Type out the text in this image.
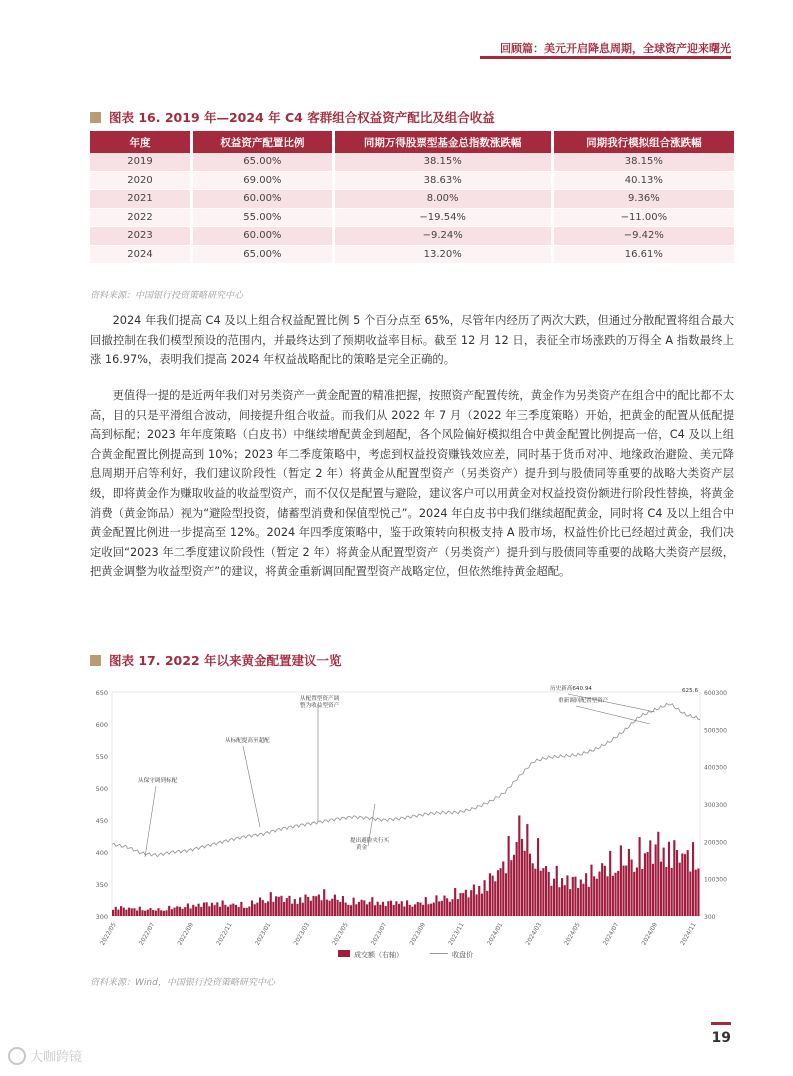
回顾篇：美元开启降息周期，全球资产迎来曙光
图表 16. 2019 年—2024 年 C4 客群组合权益资产配比及组合收益
年度	权益资产配置比例	同期万得股票型基金总指数涨跌幅	同期我行模拟组合涨跌幅
2019	65.00%	38.15%	38.15%
2020	69.00%	38.63%	40.13%
2021	60.00%	8.00%	9.36%
2022	55.00%	−19.54%	−11.00%
2023	60.00%	−9.24%	−9.42%
2024	65.00%	13.20%	16.61%
资料来源：中国银行投资策略研究中心

2024 年我们提高 C4 及以上组合权益配置比例 5 个百分点至 65%，尽管年内经历了两次大跌，但通过分散配置将组合最大回撤控制在我们模型预设的范围内，并最终达到了预期收益率目标。截至 12 月 12 日，表征全市场涨跌的万得全 A 指数最终上涨 16.97%，表明我们提高 2024 年权益战略配比的策略是完全正确的。

更值得一提的是近两年我们对另类资产一黄金配置的精准把握，按照资产配置传统，黄金作为另类资产在组合中的配比都不太高，目的只是平滑组合波动，间接提升组合收益。而我们从 2022 年 7 月（2022 年三季度策略）开始，把黄金的配置从低配提高到标配；2023 年年度策略（白皮书）中继续增配黄金到超配，各个风险偏好模拟组合中黄金配置比例提高一倍，C4 及以上组合黄金配置比例提高到 10%；2023 年二季度策略中，考虑到权益投资赚钱效应差，同时基于货币对冲、地缘政治避险、美元降息周期开启等利好，我们建议阶段性（暂定 2 年）将黄金从配置型资产（另类资产）提升到与股债同等重要的战略大类资产层级，即将黄金作为赚取收益的收益型资产，而不仅仅是配置与避险，建议客户可以用黄金对权益投资份额进行阶段性替换，将黄金消费（黄金饰品）视为“避险型投资，储蓄型消费和保值型悦己”。2024 年白皮书中我们继续超配黄金，同时将 C4 及以上组合中黄金配置比例进一步提高至 12%。2024 年四季度策略中，鉴于政策转向积极支持 A 股市场，权益性价比已经超过黄金，我们决定收回“2023 年二季度建议阶段性（暂定 2 年）将黄金从配置型资产（另类资产）提升到与股债同等重要的战略大类资产层级，把黄金调整为收益型资产”的建议，将黄金重新调回配置型资产战略定位，但依然维持黄金超配。

图表 17. 2022 年以来黄金配置建议一览
650
600
550
500
450
400
350
300
600300
500300
400300
300300
200300
100300
300
2022/05	2022/07	2022/09	2022/11	2023/01	2023/03	2023/05	2023/07	2023/09	2023/11	2024/01	2024/03	2024/05	2024/07	2024/09	2024/11
从保守调到标配
从标配提高至超配
从配置型资产调
整为收益型资产
提出避险夹行买
黄金
历史新高640.94
重新调回配置型资产
625.6
成交额（右轴）	收盘价
资料来源：Wind，中国银行投资策略研究中心
19
大咖跨镜
